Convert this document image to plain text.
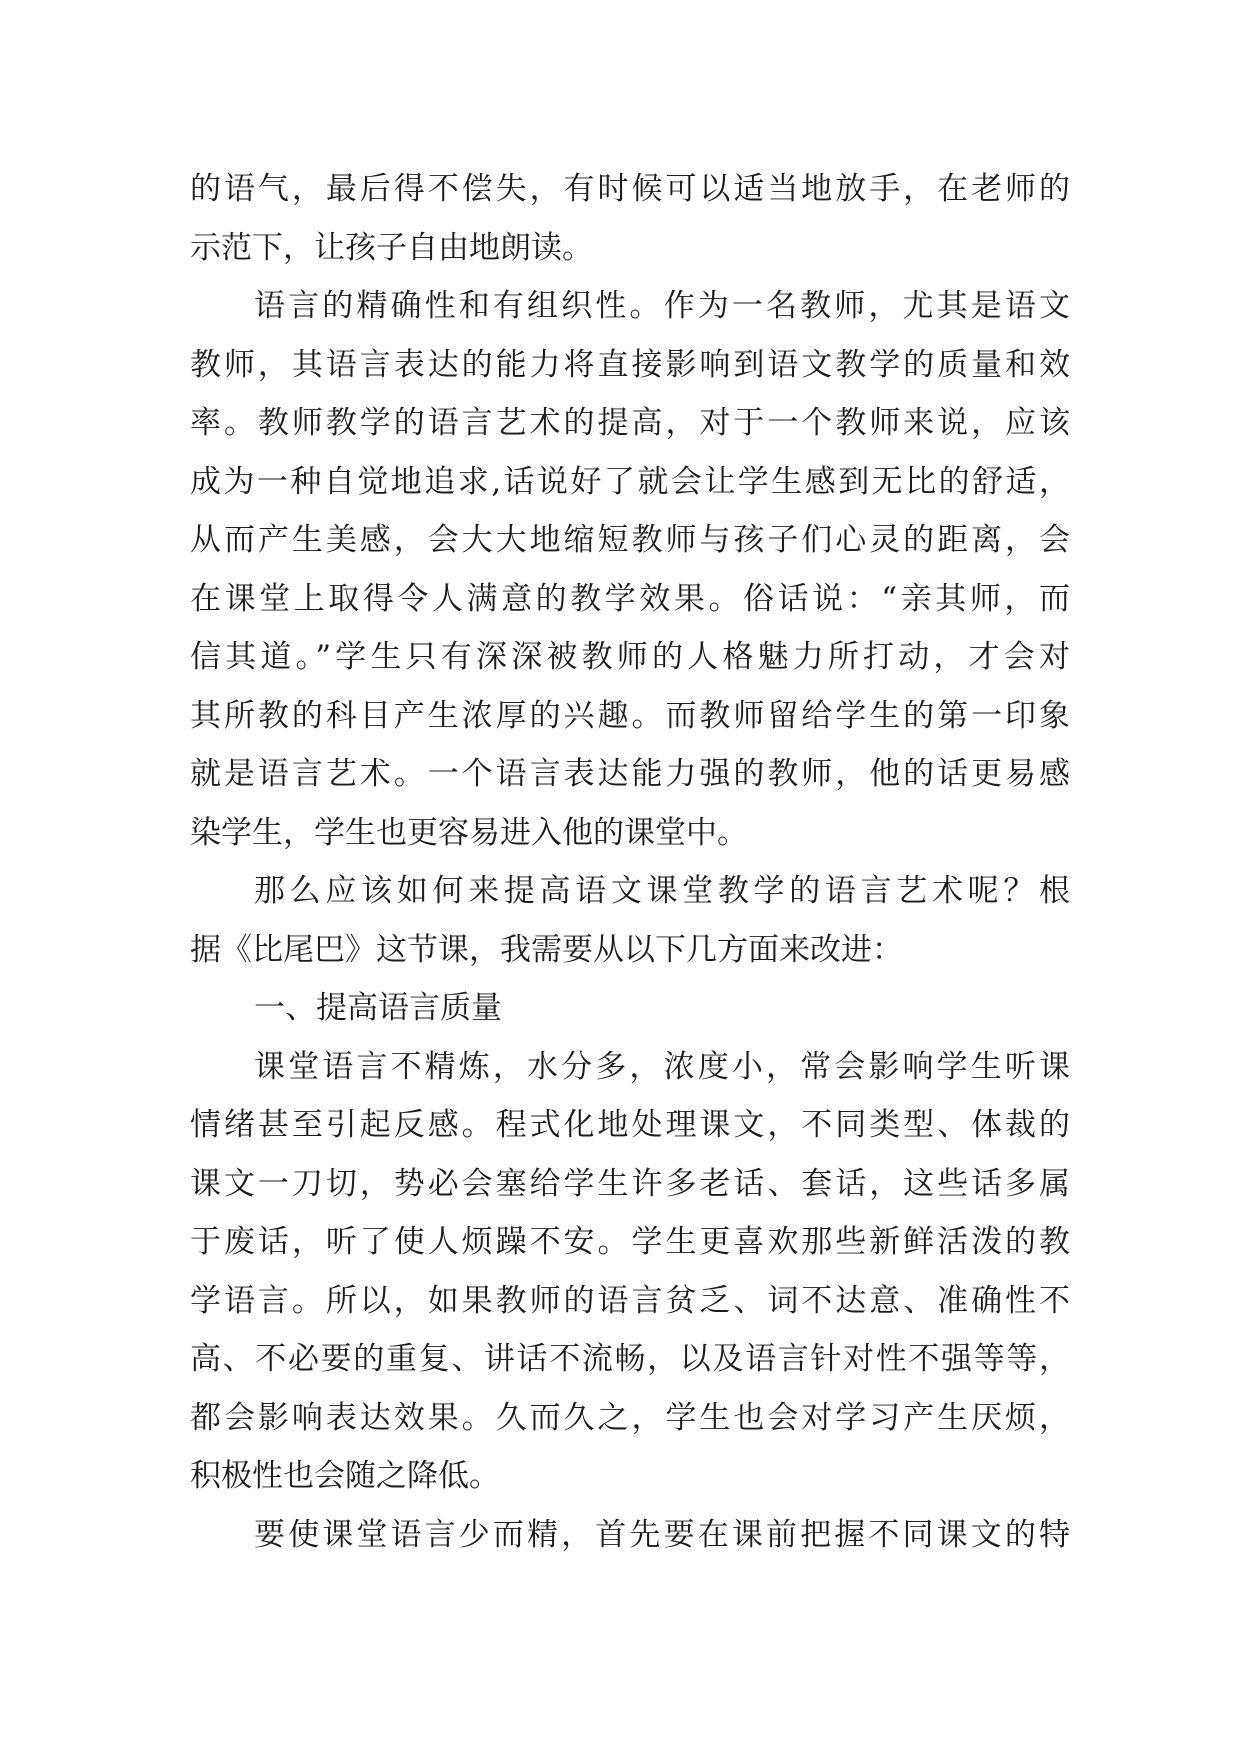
的语气，最后得不偿失，有时候可以适当地放手，在老师的
示范下，让孩子自由地朗读。
语言的精确性和有组织性。作为一名教师，尤其是语文
教师，其语言表达的能力将直接影响到语文教学的质量和效
率。教师教学的语言艺术的提高，对于一个教师来说，应该
成为一种自觉地追求,话说好了就会让学生感到无比的舒适，
从而产生美感，会大大地缩短教师与孩子们心灵的距离，会
在课堂上取得令人满意的教学效果。俗话说：“亲其师，而
信其道。”学生只有深深被教师的人格魅力所打动，才会对
其所教的科目产生浓厚的兴趣。而教师留给学生的第一印象
就是语言艺术。一个语言表达能力强的教师，他的话更易感
染学生，学生也更容易进入他的课堂中。
那么应该如何来提高语文课堂教学的语言艺术呢？根
据《比尾巴》这节课，我需要从以下几方面来改进：
一、提高语言质量
课堂语言不精炼，水分多，浓度小，常会影响学生听课
情绪甚至引起反感。程式化地处理课文，不同类型、体裁的
课文一刀切，势必会塞给学生许多老话、套话，这些话多属
于废话，听了使人烦躁不安。学生更喜欢那些新鲜活泼的教
学语言。所以，如果教师的语言贫乏、词不达意、准确性不
高、不必要的重复、讲话不流畅，以及语言针对性不强等等，
都会影响表达效果。久而久之，学生也会对学习产生厌烦，
积极性也会随之降低。
要使课堂语言少而精，首先要在课前把握不同课文的特
